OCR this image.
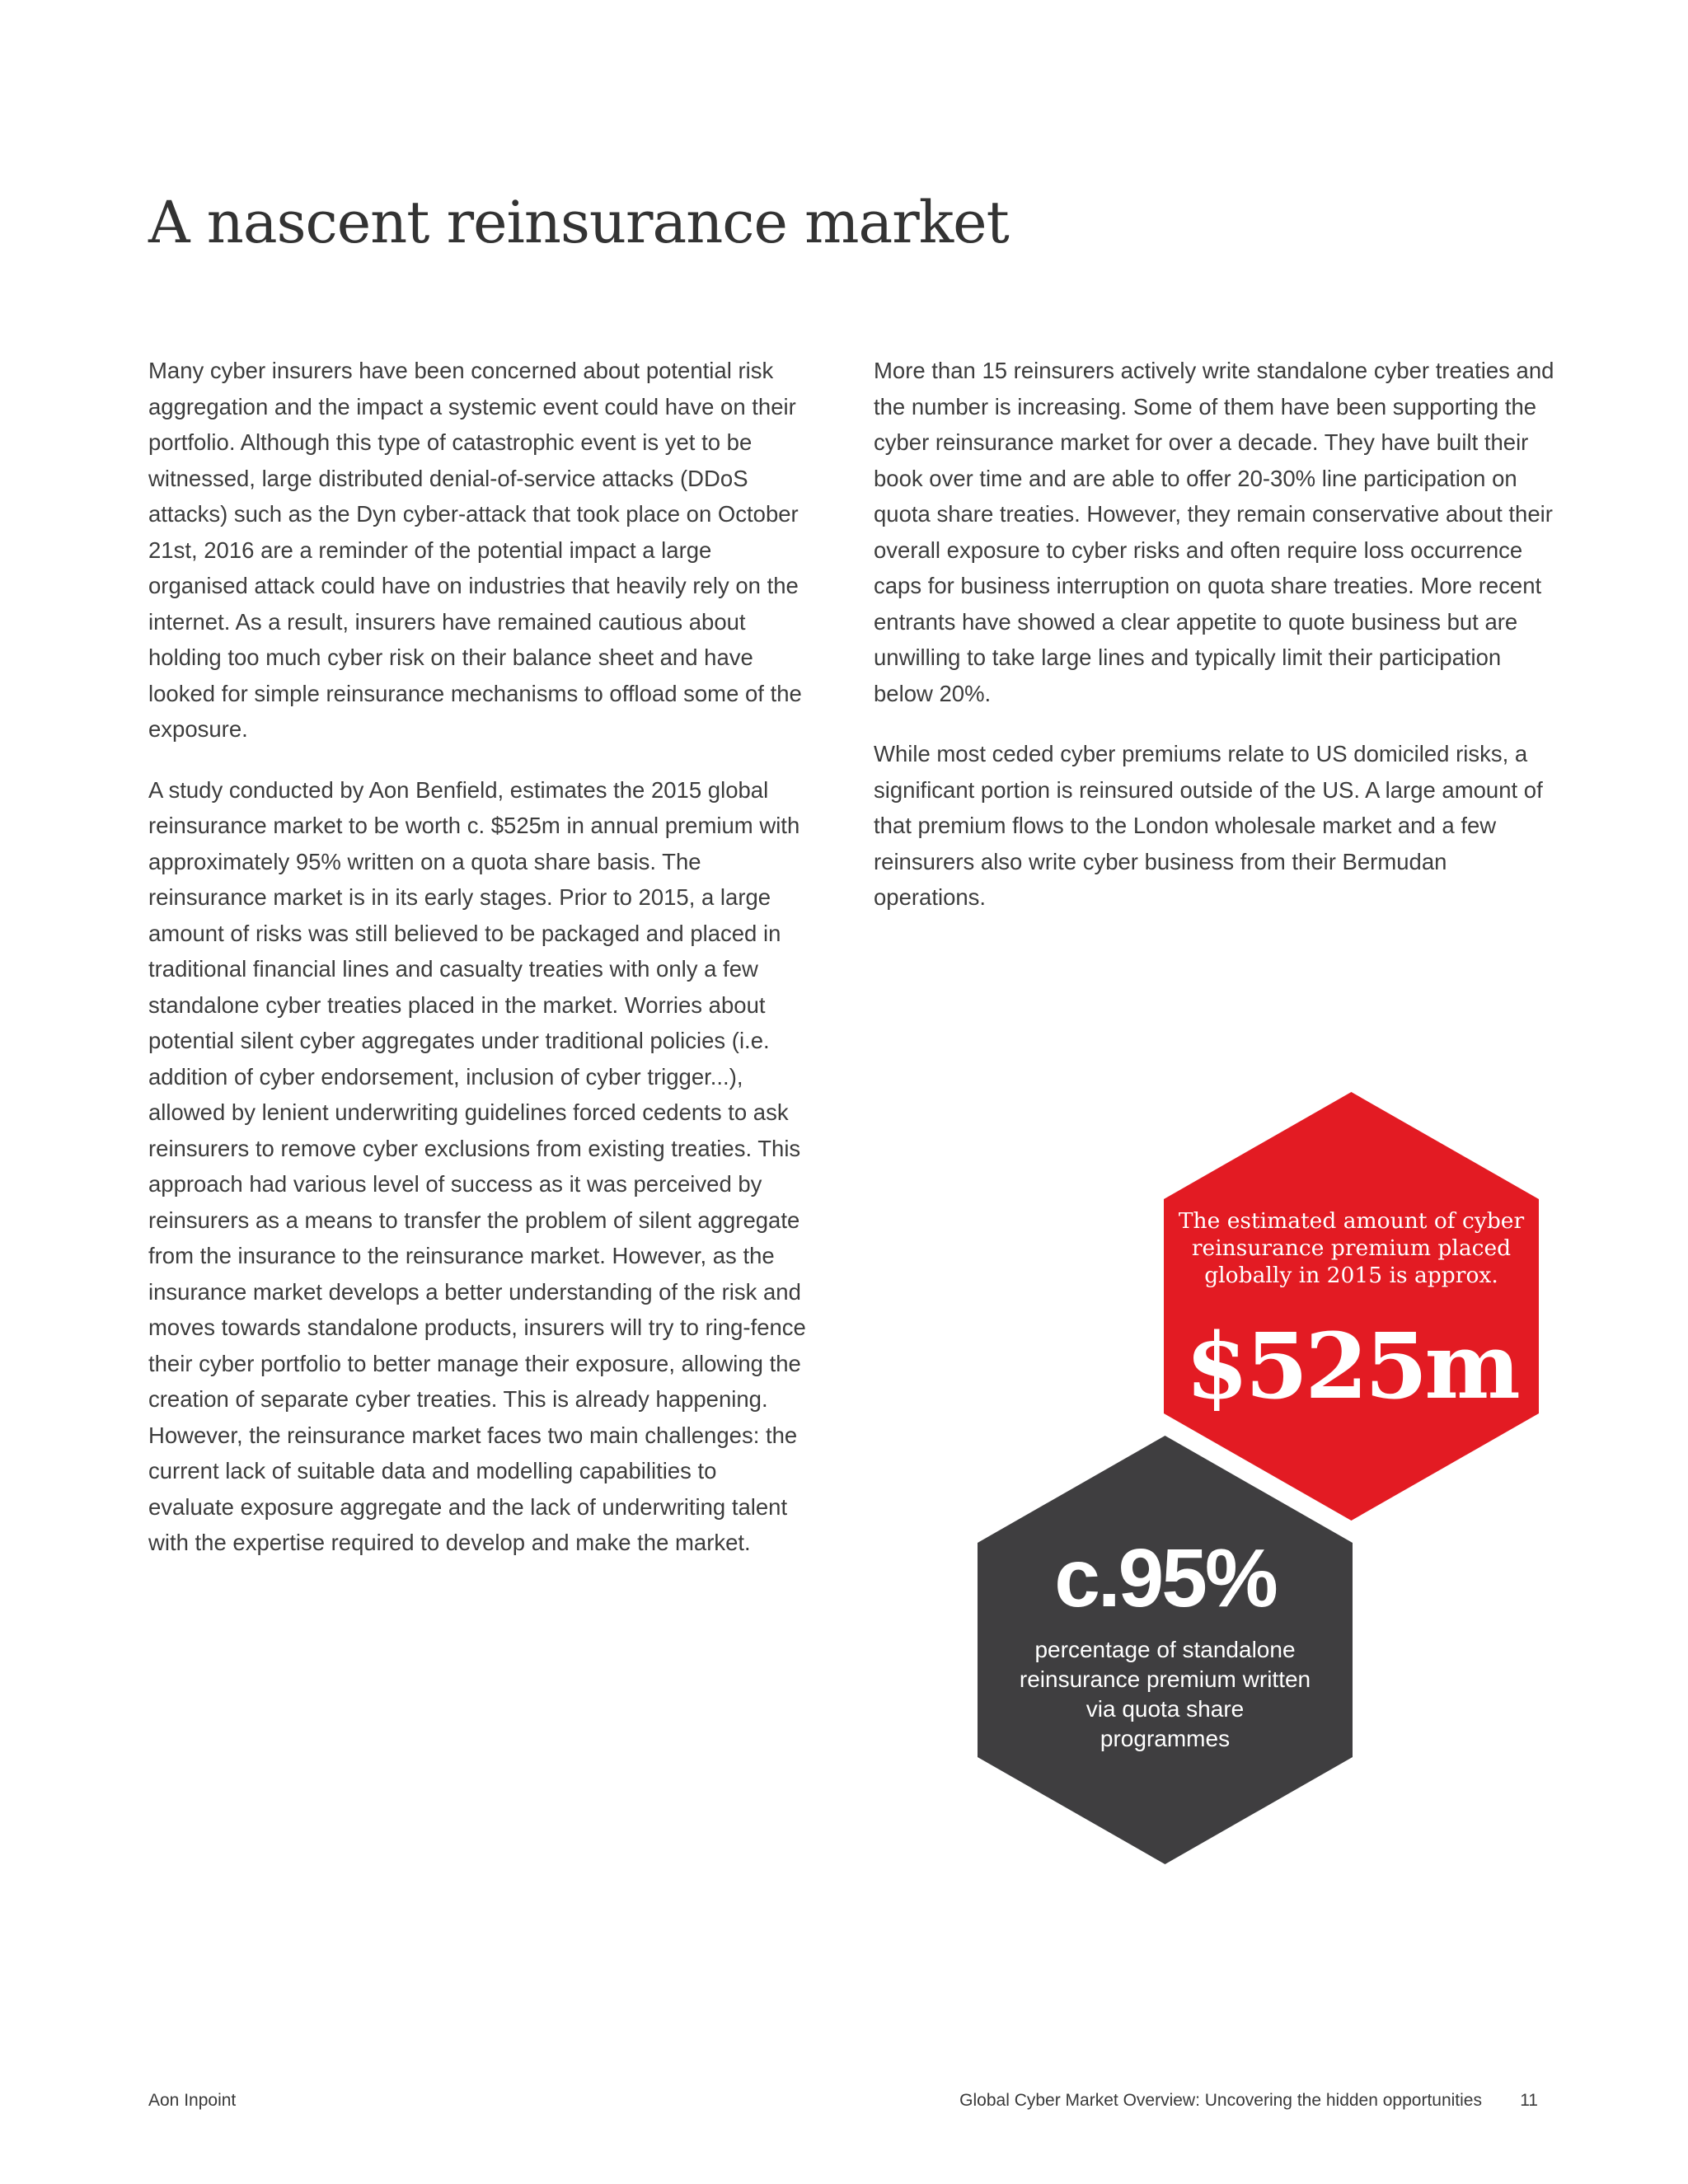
A nascent reinsurance market

Many cyber insurers have been concerned about potential risk aggregation and the impact a systemic event could have on their portfolio. Although this type of catastrophic event is yet to be witnessed, large distributed denial-of-service attacks (DDoS attacks) such as the Dyn cyber-attack that took place on October 21st, 2016 are a reminder of the potential impact a large organised attack could have on industries that heavily rely on the internet. As a result, insurers have remained cautious about holding too much cyber risk on their balance sheet and have looked for simple reinsurance mechanisms to offload some of the exposure.

A study conducted by Aon Benfield, estimates the 2015 global reinsurance market to be worth c. $525m in annual premium with approximately 95% written on a quota share basis. The reinsurance market is in its early stages. Prior to 2015, a large amount of risks was still believed to be packaged and placed in traditional financial lines and casualty treaties with only a few standalone cyber treaties placed in the market. Worries about potential silent cyber aggregates under traditional policies (i.e. addition of cyber endorsement, inclusion of cyber trigger...), allowed by lenient underwriting guidelines forced cedents to ask reinsurers to remove cyber exclusions from existing treaties. This approach had various level of success as it was perceived by reinsurers as a means to transfer the problem of silent aggregate from the insurance to the reinsurance market. However, as the insurance market develops a better understanding of the risk and moves towards standalone products, insurers will try to ring-fence their cyber portfolio to better manage their exposure, allowing the creation of separate cyber treaties. This is already happening. However, the reinsurance market faces two main challenges: the current lack of suitable data and modelling capabilities to evaluate exposure aggregate and the lack of underwriting talent with the expertise required to develop and make the market.

More than 15 reinsurers actively write standalone cyber treaties and the number is increasing. Some of them have been supporting the cyber reinsurance market for over a decade. They have built their book over time and are able to offer 20-30% line participation on quota share treaties. However, they remain conservative about their overall exposure to cyber risks and often require loss occurrence caps for business interruption on quota share treaties. More recent entrants have showed a clear appetite to quote business but are unwilling to take large lines and typically limit their participation below 20%.

While most ceded cyber premiums relate to US domiciled risks, a significant portion is reinsured outside of the US. A large amount of that premium flows to the London wholesale market and a few reinsurers also write cyber business from their Bermudan operations.

The estimated amount of cyber reinsurance premium placed globally in 2015 is approx.
$525m
c.95%
percentage of standalone reinsurance premium written via quota share programmes
Aon Inpoint	Global Cyber Market Overview: Uncovering the hidden opportunities 11
